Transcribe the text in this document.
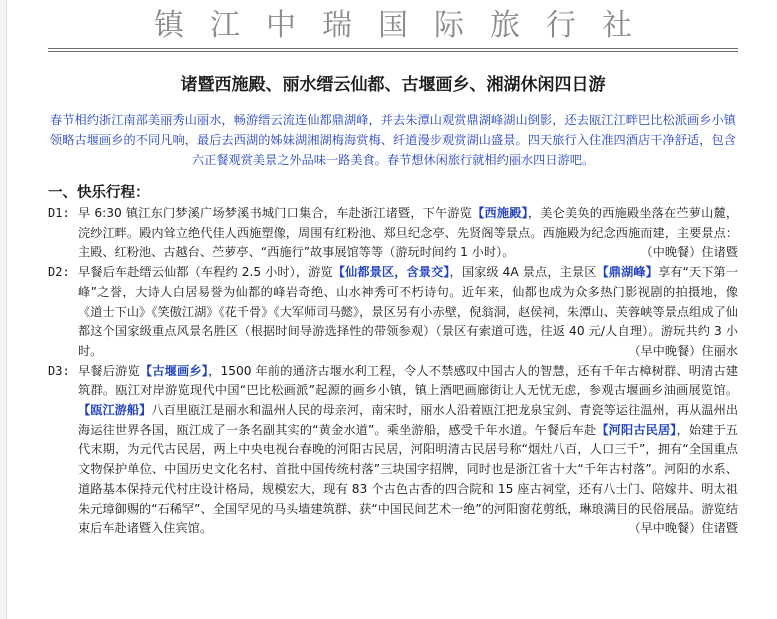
镇江中瑞国际旅行社
诸暨西施殿、丽水缙云仙都、古堰画乡、湘湖休闲四日游
春节相约浙江南部美丽秀山丽水，畅游缙云流连仙都鼎湖峰，并去朱潭山观赏鼎湖峰湖山倒影，还去瓯江江畔巴比松派画乡小镇领略古堰画乡的不同凡响，最后去西湖的姊妹湖湘湖梅海赏梅、纤道漫步观赏湖山盛景。四天旅行入住准四酒店干净舒适，包含六正餐观赏美景之外品味一路美食。春节想休闲旅行就相约丽水四日游吧。
一、快乐行程：
D1: 早 6:30 镇江东门梦溪广场梦溪书城门口集合，车赴浙江诸暨，下午游览【西施殿】，美仑美奂的西施殿坐落在苎萝山麓，浣纱江畔。殿内耸立绝代佳人西施塑像，周围有红粉池、郑旦纪念亭、先贤阁等景点。西施殿为纪念西施而建，主要景点：主殿、红粉池、古越台、苎萝亭、“西施行”故事展馆等等（游玩时间约 1 小时）。	（中晚餐）住诸暨

D2: 早餐后车赴缙云仙都（车程约 2.5 小时），游览【仙都景区，含景交】，国家级 4A 景点，主景区【鼎湖峰】享有“天下第一峰”之誉，大诗人白居易誉为仙都的峰岩奇绝、山水神秀可不朽诗句。近年来，仙都也成为众多热门影视剧的拍摄地，像《道士下山》《笑傲江湖》《花千骨》《大军师司马懿》，景区另有小赤壁，倪翁洞，赵侯祠，朱潭山、芙蓉峡等景点组成了仙都这个国家级重点风景名胜区（根据时间导游选择性的带领参观）（景区有索道可选，往返 40 元/人自理）。游玩共约 3 小时。	（早中晚餐）住丽水

D3: 早餐后游览【古堰画乡】，1500 年前的通济古堰水利工程，令人不禁感叹中国古人的智慧，还有千年古樟树群、明清古建筑群。瓯江对岸游览现代中国“巴比松画派”起源的画乡小镇，镇上酒吧画廊街让人无忧无虑，参观古堰画乡油画展览馆。【瓯江游船】八百里瓯江是丽水和温州人民的母亲河，南宋时，丽水人沿着瓯江把龙泉宝剑、青瓷等运往温州，再从温州出海运往世界各国，瓯江成了一条名副其实的“黄金水道”。乘坐游船，感受千年水道。午餐后车赴【河阳古民居】，始建于五代末期，为元代古民居，两上中央电视台春晚的河阳古民居，河阳明清古民居号称“烟灶八百，人口三千”，拥有“全国重点文物保护单位、中国历史文化名村、首批中国传统村落”三块国字招牌，同时也是浙江省十大“千年古村落”。河阳的水系、道路基本保持元代村庄设计格局，规模宏大，现有 83 个古色古香的四合院和 15 座古祠堂，还有八士门、陪嫁井、明太祖朱元璋御赐的“石稀罕”、全国罕见的马头墙建筑群、获“中国民间艺术一绝”的河阳窗花剪纸，琳琅满目的民俗展品。游览结束后车赴诸暨入住宾馆。	（早中晚餐）住诸暨
